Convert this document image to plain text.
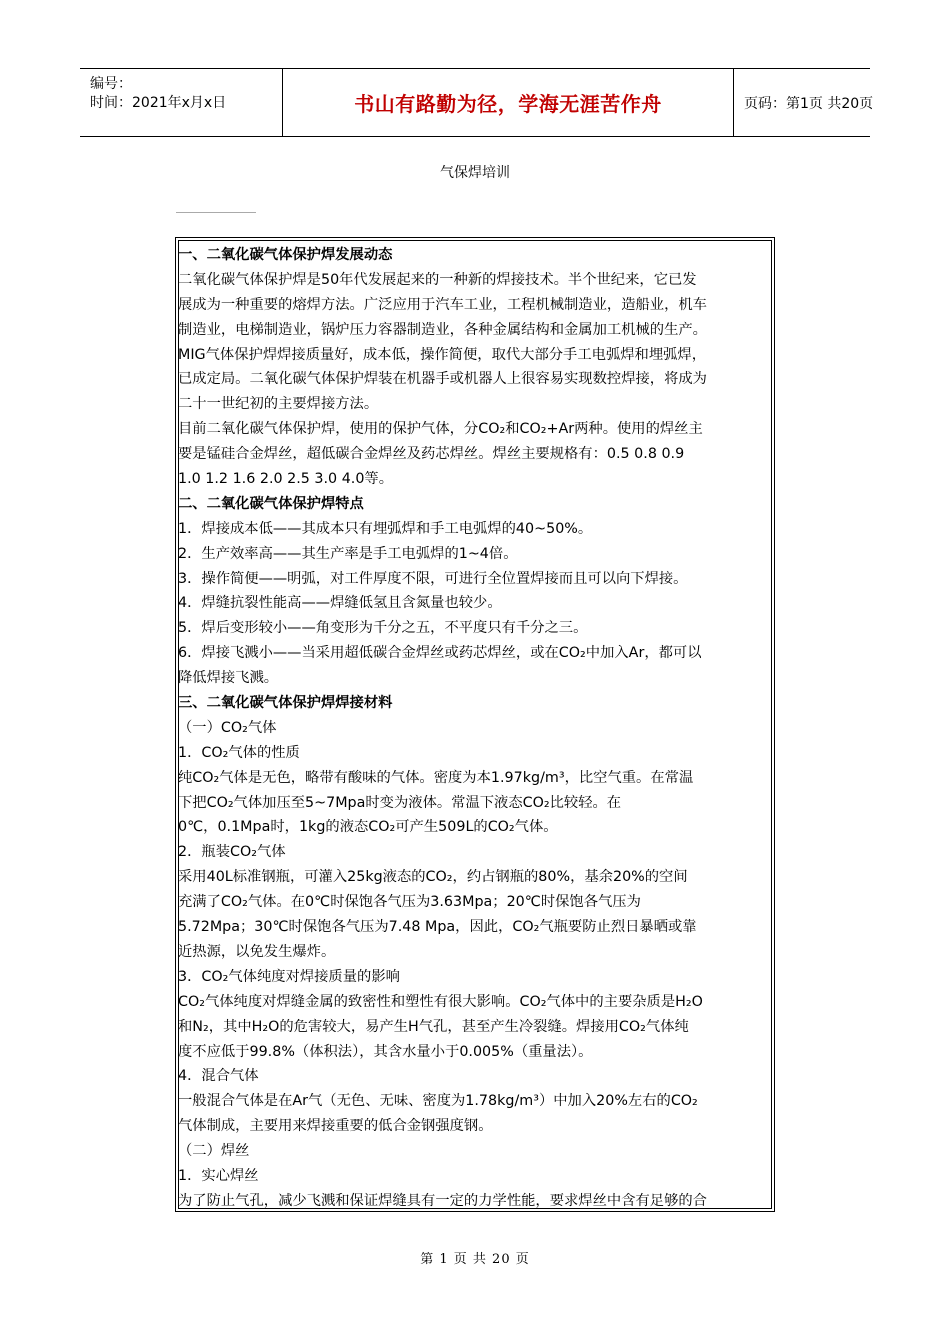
编号：
时间：2021年x月x日	书山有路勤为径，学海无涯苦作舟	页码：第1页 共20页
气保焊培训
一、二氧化碳气体保护焊发展动态
二氧化碳气体保护焊是50年代发展起来的一种新的焊接技术。半个世纪来，它已发
展成为一种重要的熔焊方法。广泛应用于汽车工业，工程机械制造业，造船业，机车
制造业，电梯制造业，锅炉压力容器制造业，各种金属结构和金属加工机械的生产。
MIG气体保护焊焊接质量好，成本低，操作简便，取代大部分手工电弧焊和埋弧焊，
已成定局。二氧化碳气体保护焊装在机器手或机器人上很容易实现数控焊接，将成为
二十一世纪初的主要焊接方法。
目前二氧化碳气体保护焊，使用的保护气体，分CO₂和CO₂+Ar两种。使用的焊丝主
要是锰硅合金焊丝，超低碳合金焊丝及药芯焊丝。焊丝主要规格有：0.5 0.8 0.9
1.0 1.2 1.6 2.0 2.5 3.0 4.0等。
二、二氧化碳气体保护焊特点
1．焊接成本低——其成本只有埋弧焊和手工电弧焊的40~50%。
2．生产效率高——其生产率是手工电弧焊的1~4倍。
3．操作简便——明弧，对工件厚度不限，可进行全位置焊接而且可以向下焊接。
4．焊缝抗裂性能高——焊缝低氢且含氮量也较少。
5．焊后变形较小——角变形为千分之五，不平度只有千分之三。
6．焊接飞溅小——当采用超低碳合金焊丝或药芯焊丝，或在CO₂中加入Ar，都可以
降低焊接飞溅。
三、二氧化碳气体保护焊焊接材料
（一）CO₂气体
1．CO₂气体的性质
纯CO₂气体是无色，略带有酸味的气体。密度为本1.97kg/m³，比空气重。在常温
下把CO₂气体加压至5~7Mpa时变为液体。常温下液态CO₂比较轻。在
0℃，0.1Mpa时，1kg的液态CO₂可产生509L的CO₂气体。
2．瓶装CO₂气体
采用40L标准钢瓶，可灌入25kg液态的CO₂，约占钢瓶的80%，基余20%的空间
充满了CO₂气体。在0℃时保饱各气压为3.63Mpa；20℃时保饱各气压为
5.72Mpa；30℃时保饱各气压为7.48 Mpa，因此，CO₂气瓶要防止烈日暴晒或靠
近热源，以免发生爆炸。
3．CO₂气体纯度对焊接质量的影响
CO₂气体纯度对焊缝金属的致密性和塑性有很大影响。CO₂气体中的主要杂质是H₂O
和N₂，其中H₂O的危害较大，易产生H气孔，甚至产生冷裂缝。焊接用CO₂气体纯
度不应低于99.8%（体积法），其含水量小于0.005%（重量法）。
4．混合气体
一般混合气体是在Ar气（无色、无味、密度为1.78kg/m³）中加入20%左右的CO₂
气体制成，主要用来焊接重要的低合金钢强度钢。
（二）焊丝
1．实心焊丝
为了防止气孔，减少飞溅和保证焊缝具有一定的力学性能，要求焊丝中含有足够的合
第 1 页 共 20 页
